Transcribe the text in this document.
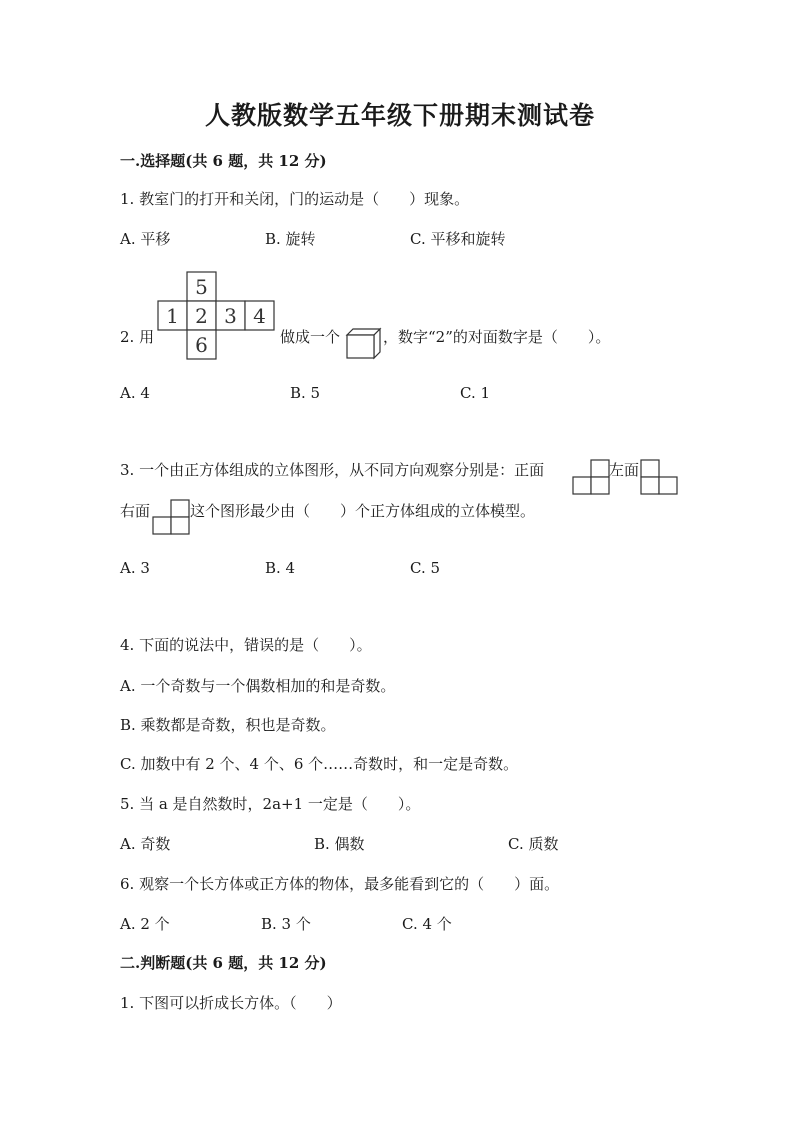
人教版数学五年级下册期末测试卷
一.选择题(共 6 题，共 12 分)
1. 教室门的打开和关闭，门的运动是（　　）现象。
A. 平移	B. 旋转	C. 平移和旋转
2. 用
5
1 2 3 4
6	做成一个	，数字“2”的对面数字是（　　）。
A. 4	B. 5	C. 1
3. 一个由正方体组成的立体图形，从不同方向观察分别是：正面	左面
右面	这个图形最少由（　　）个正方体组成的立体模型。
A. 3	B. 4	C. 5
4. 下面的说法中，错误的是（　　）。
A. 一个奇数与一个偶数相加的和是奇数。
B. 乘数都是奇数，积也是奇数。
C. 加数中有 2 个、4 个、6 个……奇数时，和一定是奇数。
5. 当 a 是自然数时，2a+1 一定是（　　）。
A. 奇数	B. 偶数	C. 质数
6. 观察一个长方体或正方体的物体，最多能看到它的（　　）面。
A. 2 个	B. 3 个	C. 4 个
二.判断题(共 6 题，共 12 分)
1. 下图可以折成长方体。（　　）
